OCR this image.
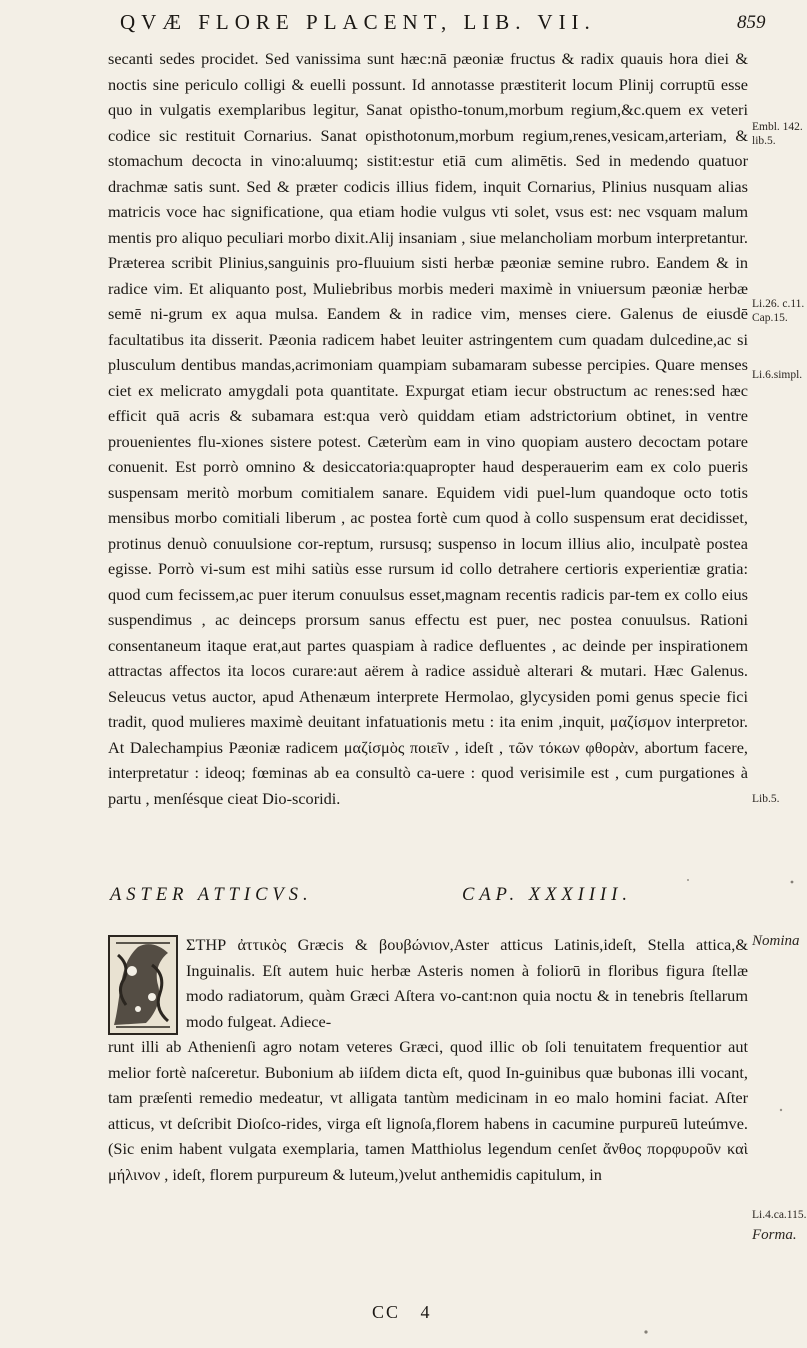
QVÆ FLORE PLACENT, LIB. VII.	859

secanti sedes procidet. Sed vanissima sunt hæc:nā pæoniæ fructus & radix quauis hora diei & noctis sine periculo colligi & euelli possunt. Id annotasse præstiterit locum Plinij corruptū esse quo in vulgatis exemplaribus legitur, Sanat opistho-tonum,morbum regium,&c.quem ex veteri codice sic restituit Cornarius. Sanat opisthotonum,morbum regium,renes,vesicam,arteriam, & stomachum decocta in vino:aluumq; sistit:estur etiā cum alimētis. Sed in medendo quatuor drachmæ satis sunt. Sed & præter codicis illius fidem, inquit Cornarius, Plinius nusquam alias matricis voce hac significatione, qua etiam hodie vulgus vti solet, vsus est: nec vsquam malum mentis pro aliquo peculiari morbo dixit.Alij insaniam , siue melancholiam morbum interpretantur. Præterea scribit Plinius,sanguinis pro-fluuium sisti herbæ pæoniæ semine rubro. Eandem & in radice vim. Et aliquanto post, Muliebribus morbis mederi maximè in vniuersum pæoniæ herbæ semē ni-grum ex aqua mulsa. Eandem & in radice vim, menses ciere. Galenus de eiusdē facultatibus ita disserit. Pæonia radicem habet leuiter astringentem cum quadam dulcedine,ac si plusculum dentibus mandas,acrimoniam quampiam subamaram subesse percipies. Quare menses ciet ex melicrato amygdali pota quantitate. Expurgat etiam iecur obstructum ac renes:sed hæc efficit quā acris & subamara est:qua verò quiddam etiam adstrictorium obtinet, in ventre prouenientes flu-xiones sistere potest. Cæterùm eam in vino quopiam austero decoctam potare conuenit. Est porrò omnino & desiccatoria:quapropter haud desperauerim eam ex colo pueris suspensam meritò morbum comitialem sanare. Equidem vidi puel-lum quandoque octo totis mensibus morbo comitiali liberum , ac postea fortè cum quod à collo suspensum erat decidisset, protinus denuò conuulsione cor-reptum, rursusq; suspenso in locum illius alio, inculpatè postea egisse. Porrò vi-sum est mihi satiùs esse rursum id collo detrahere certioris experientiæ gratia: quod cum fecissem,ac puer iterum conuulsus esset,magnam recentis radicis par-tem ex collo eius suspendimus , ac deinceps prorsum sanus effectu est puer, nec postea conuulsus. Rationi consentaneum itaque erat,aut partes quaspiam à radice defluentes , ac deinde per inspirationem attractas affectos ita locos curare:aut aërem à radice assiduè alterari & mutari. Hæc Galenus. Seleucus vetus auctor, apud Athenæum interprete Hermolao, glycysiden pomi genus specie fici tradit, quod mulieres maximè deuitant infatuationis metu : ita enim ,inquit, μαζίσμον interpretor. At Dalechampius Pæoniæ radicem μαζίσμὸς ποιεῖν , ideſt , τῶν τόκων φθορὰν, abortum facere, interpretatur : ideoq; fœminas ab ea consultò ca-uere : quod verisimile est , cum purgationes à partu , menſésque cieat Dio-scoridi.

Embl. 142.
lib.5.
Li.26. c.11.
Cap.15.
Li.6.simpl.
Lib.5.
ASTER ATTICVS.	CAP. XXXIIII.
ΣΤΗΡ ἀττικὸς Græcis & βουβώνιον,Aster atticus Latinis,ideſt, Stella attica,& Inguinalis. Eſt autem huic herbæ Asteris nomen à foliorū in floribus figura ſtellæ modo radiatorum, quàm Græci Aſtera vo-cant:non quia noctu & in tenebris ſtellarum modo fulgeat. Adiece-
Nomina
Li.4.ca.115.
Forma.

runt illi ab Athenienſi agro notam veteres Græci, quod illic ob ſoli tenuitatem frequentior aut melior fortè naſceretur. Bubonium ab iiſdem dicta eſt, quod In-guinibus quæ bubonas illi vocant, tam præſenti remedio medeatur, vt alligata tantùm medicinam in eo malo homini faciat. Aſter atticus, vt deſcribit Dioſco-rides, virga eſt lignoſa,florem habens in cacumine purpureū luteúmve. (Sic enim habent vulgata exemplaria, tamen Matthiolus legendum cenſet ἄνθος πορφυροῦν καὶ μήλινον , ideſt, florem purpureum & luteum,)velut anthemidis capitulum, in

CC 4
